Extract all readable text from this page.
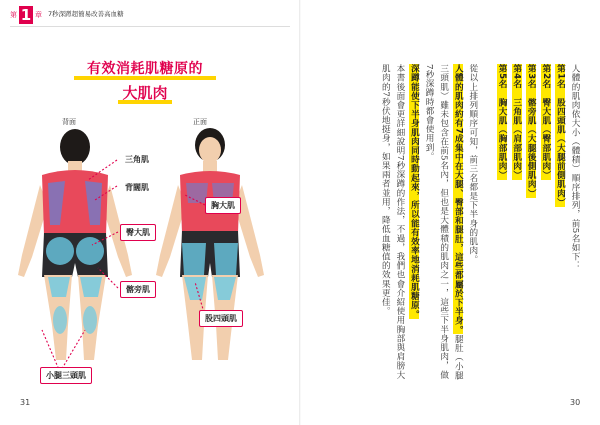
第 1 章 7秒深蹲超簡易改善高血糖
有效消耗肌糖原的
大肌肉
背面	正面
三角肌
背闊肌
臀大肌
髂旁肌
小腿三頭肌
胸大肌
股四頭肌
31

人體的肌肉依大小（體積）順序排列，前5名如下：

第1名　股四頭肌（大腿前側肌肉）

第2名　臀大肌（臀部肌肉）

第3名　髂旁肌（大腿後側肌肉）

第4名　三角肌（肩部肌肉）

第5名　胸大肌（胸部肌肉）

從以上排列順序可知，前三名都是下半身的肌肉。

人體的肌肉約有7成集中在大腿、臀部和腿肚，這些都屬於下半身。腿肚（小腿三頭肌）雖未包含在前5名內，但也是大體積的肌肉之一，這些下半身肌肉，做7秒深蹲時都會使用到。

深蹲能使下半身肌肉同時動起來，所以能有效率地消耗肌糖原。

本書後面會更詳細說明7秒深蹲的作法，不過，我們也會介紹使用胸部與肩膀大肌肉的7秒伏地挺身，如果兩者並用，降低血糖值的效果更佳。

30
